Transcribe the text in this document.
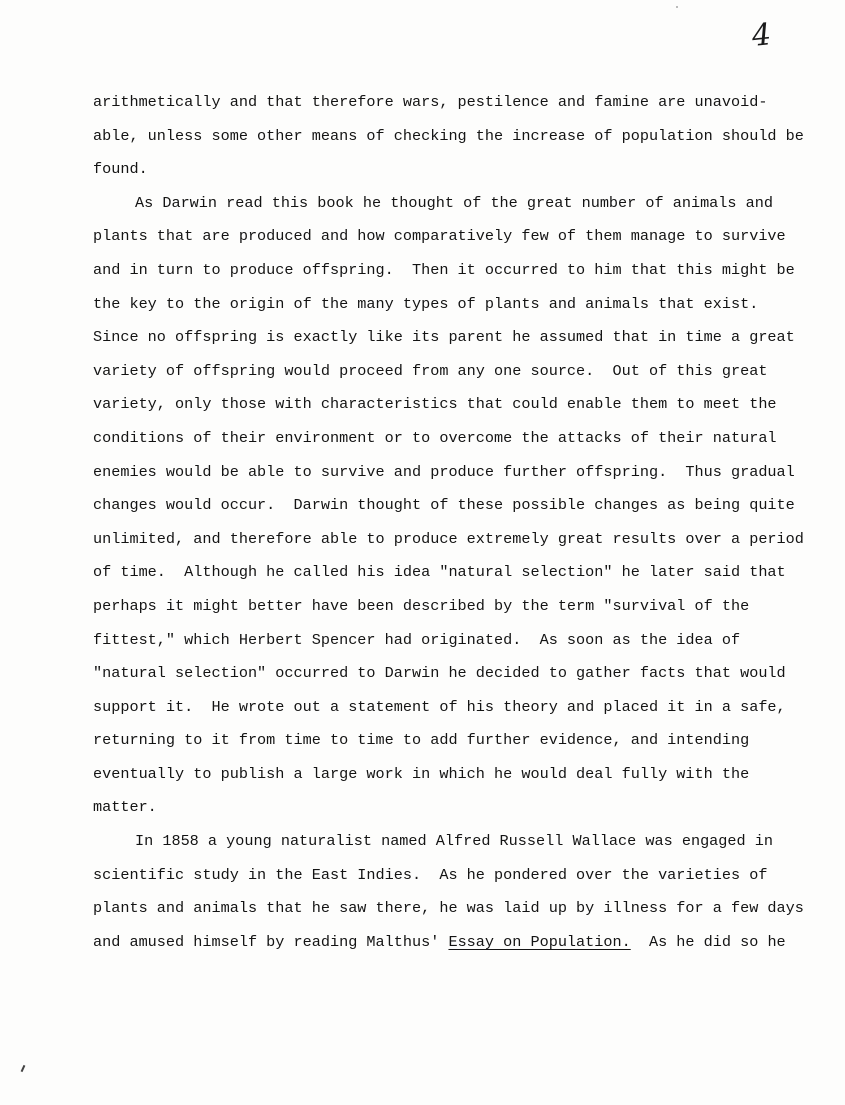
4
arithmetically and that therefore wars, pestilence and famine are unavoid-
able, unless some other means of checking the increase of population should be
found.
As Darwin read this book he thought of the great number of animals and
plants that are produced and how comparatively few of them manage to survive
and in turn to produce offspring.  Then it occurred to him that this might be
the key to the origin of the many types of plants and animals that exist.
Since no offspring is exactly like its parent he assumed that in time a great
variety of offspring would proceed from any one source.  Out of this great
variety, only those with characteristics that could enable them to meet the
conditions of their environment or to overcome the attacks of their natural
enemies would be able to survive and produce further offspring.  Thus gradual
changes would occur.  Darwin thought of these possible changes as being quite
unlimited, and therefore able to produce extremely great results over a period
of time.  Although he called his idea "natural selection" he later said that
perhaps it might better have been described by the term "survival of the
fittest," which Herbert Spencer had originated.  As soon as the idea of
"natural selection" occurred to Darwin he decided to gather facts that would
support it.  He wrote out a statement of his theory and placed it in a safe,
returning to it from time to time to add further evidence, and intending
eventually to publish a large work in which he would deal fully with the
matter.
In 1858 a young naturalist named Alfred Russell Wallace was engaged in
scientific study in the East Indies.  As he pondered over the varieties of
plants and animals that he saw there, he was laid up by illness for a few days
and amused himself by reading Malthus' Essay on Population.  As he did so he
